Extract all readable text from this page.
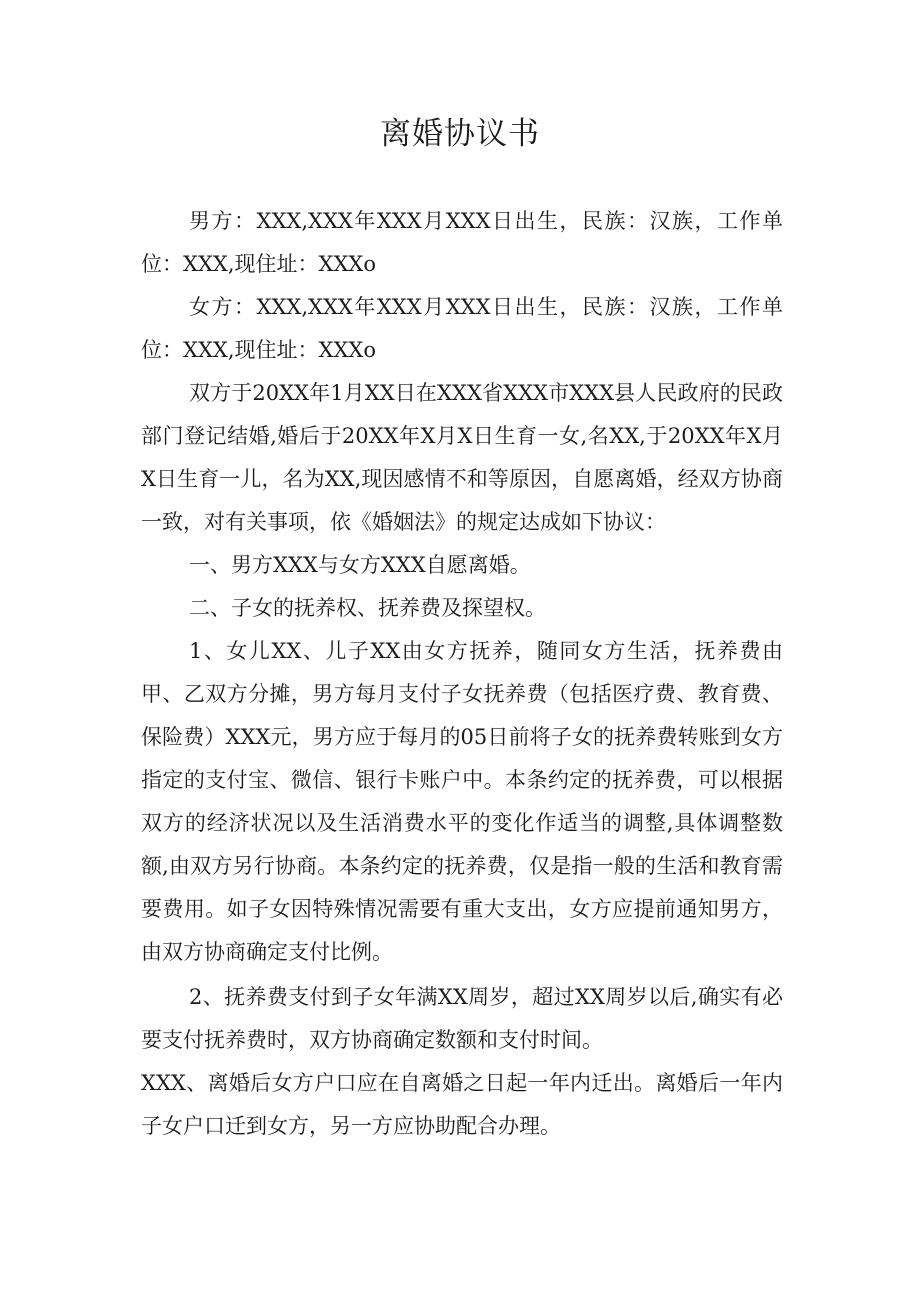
离婚协议书

男方：XXX,XXX年XXX月XXX日出生，民族：汉族，工作单位：XXX,现住址：XXXo

女方：XXX,XXX年XXX月XXX日出生，民族：汉族，工作单位：XXX,现住址：XXXo

双方于20XX年1月XX日在XXX省XXX市XXX县人民政府的民政部门登记结婚,婚后于20XX年X月X日生育一女,名XX,于20XX年X月X日生育一儿，名为XX,现因感情不和等原因，自愿离婚，经双方协商一致，对有关事项，依《婚姻法》的规定达成如下协议：

一、男方XXX与女方XXX自愿离婚。

二、子女的抚养权、抚养费及探望权。

1、女儿XX、儿子XX由女方抚养，随同女方生活，抚养费由甲、乙双方分摊，男方每月支付子女抚养费（包括医疗费、教育费、保险费）XXX元，男方应于每月的05日前将子女的抚养费转账到女方指定的支付宝、微信、银行卡账户中。本条约定的抚养费，可以根据双方的经济状况以及生活消费水平的变化作适当的调整,具体调整数额,由双方另行协商。本条约定的抚养费，仅是指一般的生活和教育需要费用。如子女因特殊情况需要有重大支出，女方应提前通知男方，由双方协商确定支付比例。

2、抚养费支付到子女年满XX周岁，超过XX周岁以后,确实有必要支付抚养费时，双方协商确定数额和支付时间。

XXX、离婚后女方户口应在自离婚之日起一年内迁出。离婚后一年内子女户口迁到女方，另一方应协助配合办理。
